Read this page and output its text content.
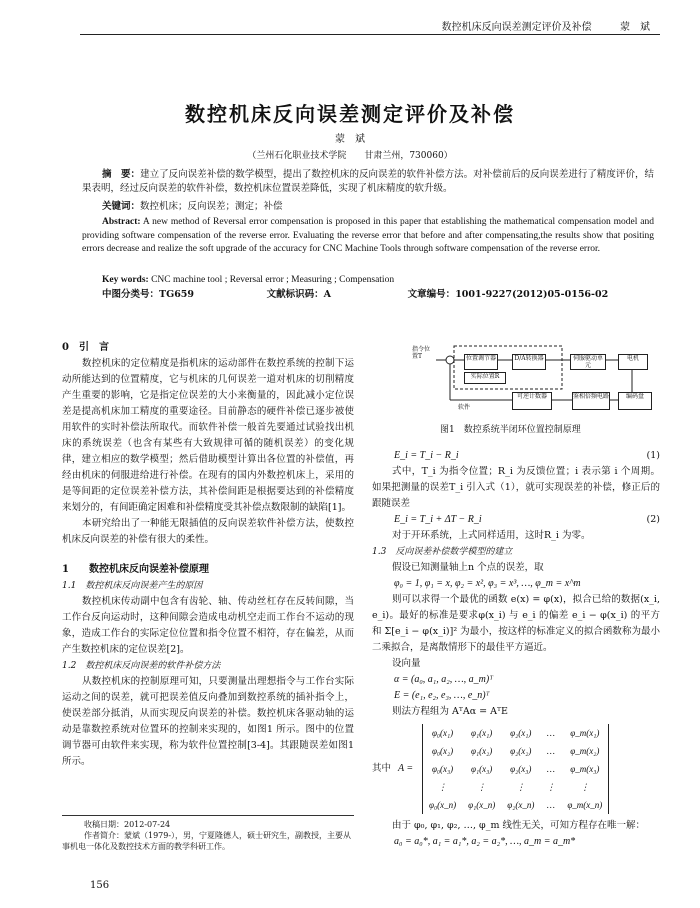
数控机床反向误差测定评价及补偿	蒙　斌
数控机床反向误差测定评价及补偿
蒙　斌
（兰州石化职业技术学院　　甘肃兰州，730060）
摘　要：建立了反向误差补偿的数学模型，提出了数控机床的反向误差的软件补偿方法。对补偿前后的反向误差进行了精度评价，结果表明，经过反向误差的软件补偿，数控机床位置误差降低，实现了机床精度的软升级。
关键词：数控机床；反向误差；测定；补偿
Abstract: A new method of Reversal error compensation is proposed in this paper that establishing the mathematical compensation model and providing software compensation of the reverse error. Evaluating the reverse error that before and after compensating,the results show that positing errors decrease and realize the soft upgrade of the accuracy for CNC Machine Tools through software compensation of the reverse error.
Key words: CNC machine tool ; Reversal error ; Measuring ; Compensation
中图分类号：TG659	文献标识码：A	文章编号：1001-9227(2012)05-0156-02
0　引　言
数控机床的定位精度是指机床的运动部件在数控系统的控制下运动所能达到的位置精度，它与机床的几何误差一道对机床的切削精度产生重要的影响，它是指定位误差的大小来衡量的，因此减小定位误差是提高机床加工精度的重要途径。目前静态的硬件补偿已逐步被使用软件的实时补偿法所取代。而软件补偿一般首先要通过试验找出机床的系统误差（也含有某些有大致规律可循的随机误差）的变化规律，建立相应的数学模型；然后借助模型计算出各位置的补偿值，再经由机床的伺服进给进行补偿。在现有的国内外数控机床上，采用的是等间距的定位误差补偿方法，其补偿间距是根据要达到的补偿精度来划分的，有间距确定困难和补偿精度受其补偿点数限制的缺陷[1]。
本研究给出了一种能无限插值的反向误差软件补偿方法，使数控机床反向误差的补偿有很大的柔性。
1　　数控机床反向误差补偿原理
1.1　数控机床反向误差产生的原因
数控机床传动副中包含有齿轮、轴、传动丝杠存在反转间隙，当工作台反向运动时，这种间隙会造成电动机空走而工作台不运动的现象，造成工作台的实际定位位置和指令位置不相符，存在偏差，从而产生数控机床的定位误差[2]。
1.2　数控机床反向误差的软件补偿方法
从数控机床的控制原理可知，只要测量出理想指令与工作台实际运动之间的误差，就可把误差值反向叠加到数控系统的插补指令上，使误差部分抵消，从而实现反向误差的补偿。数控机床各驱动轴的运动是靠数控系统对位置环的控制来实现的，如图1 所示。图中的位置调节器可由软件来实现，称为软件位置控制[3-4]。其跟随误差如图1所示。
收稿日期：2012-07-24
作者简介：蒙斌（1979-），男，宁夏隆德人，硕士研究生，副教授，主要从事机电一体化及数控技术方面的教学科研工作。
156
指令位置T	位置调节器	D/A转换器	伺服驱动单元
电机
实际位置R
可逆计数器	鉴相倍频电路	编码盘
软件
图1　数控系统半闭环位置控制原理
E_i = T_i − R_i	(1)
式中，T_i 为指令位置；R_i 为反馈位置；i 表示第 i 个周期。如果把测量的误差T_i 引入式（1），就可实现误差的补偿，修正后的跟随误差
E_i = T_i + ΔT − R_i	(2)
对于开环系统，上式同样适用，这时R_i 为零。
1.3　反向误差补偿数学模型的建立
假设已知测量轴上n 个点的误差，取
φ₀ = 1, φ₁ = x, φ₂ = x², φ₃ = x³, …, φ_m = x^m
则可以求得一个最优的函数 e(x) = φ(x)，拟合已给的数据(x_i, e_i)。最好的标准是要求φ(x_i) 与 e_i 的偏差 e_i − φ(x_i) 的平方和 Σ[e_i − φ(x_i)]² 为最小，按这样的标准定义的拟合函数称为最小二乘拟合，是离散情形下的最佳平方逼近。
设向量
α = (a₀, a₁, a₂, …, a_m)ᵀ
E = (e₁, e₂, e₃, …, e_n)ᵀ
则法方程组为 AᵀAα = AᵀE
其中 A =
φ₀(x₁)	φ₁(x₁)	φ₂(x₁)	…	φ_m(x₁)
φ₀(x₂)	φ₁(x₂)	φ₂(x₂)	…	φ_m(x₂)
φ₀(x₃)	φ₁(x₃)	φ₂(x₃)	…	φ_m(x₃)
⋮	⋮	⋮	⋮	⋮
φ₀(x_n)	φ₁(x_n)	φ₂(x_n)	…	φ_m(x_n)
由于 φ₀, φ₁, φ₂, …, φ_m 线性无关，可知方程存在唯一解：
a₀ = a₀*, a₁ = a₁*, a₂ = a₂*, …, a_m = a_m*
